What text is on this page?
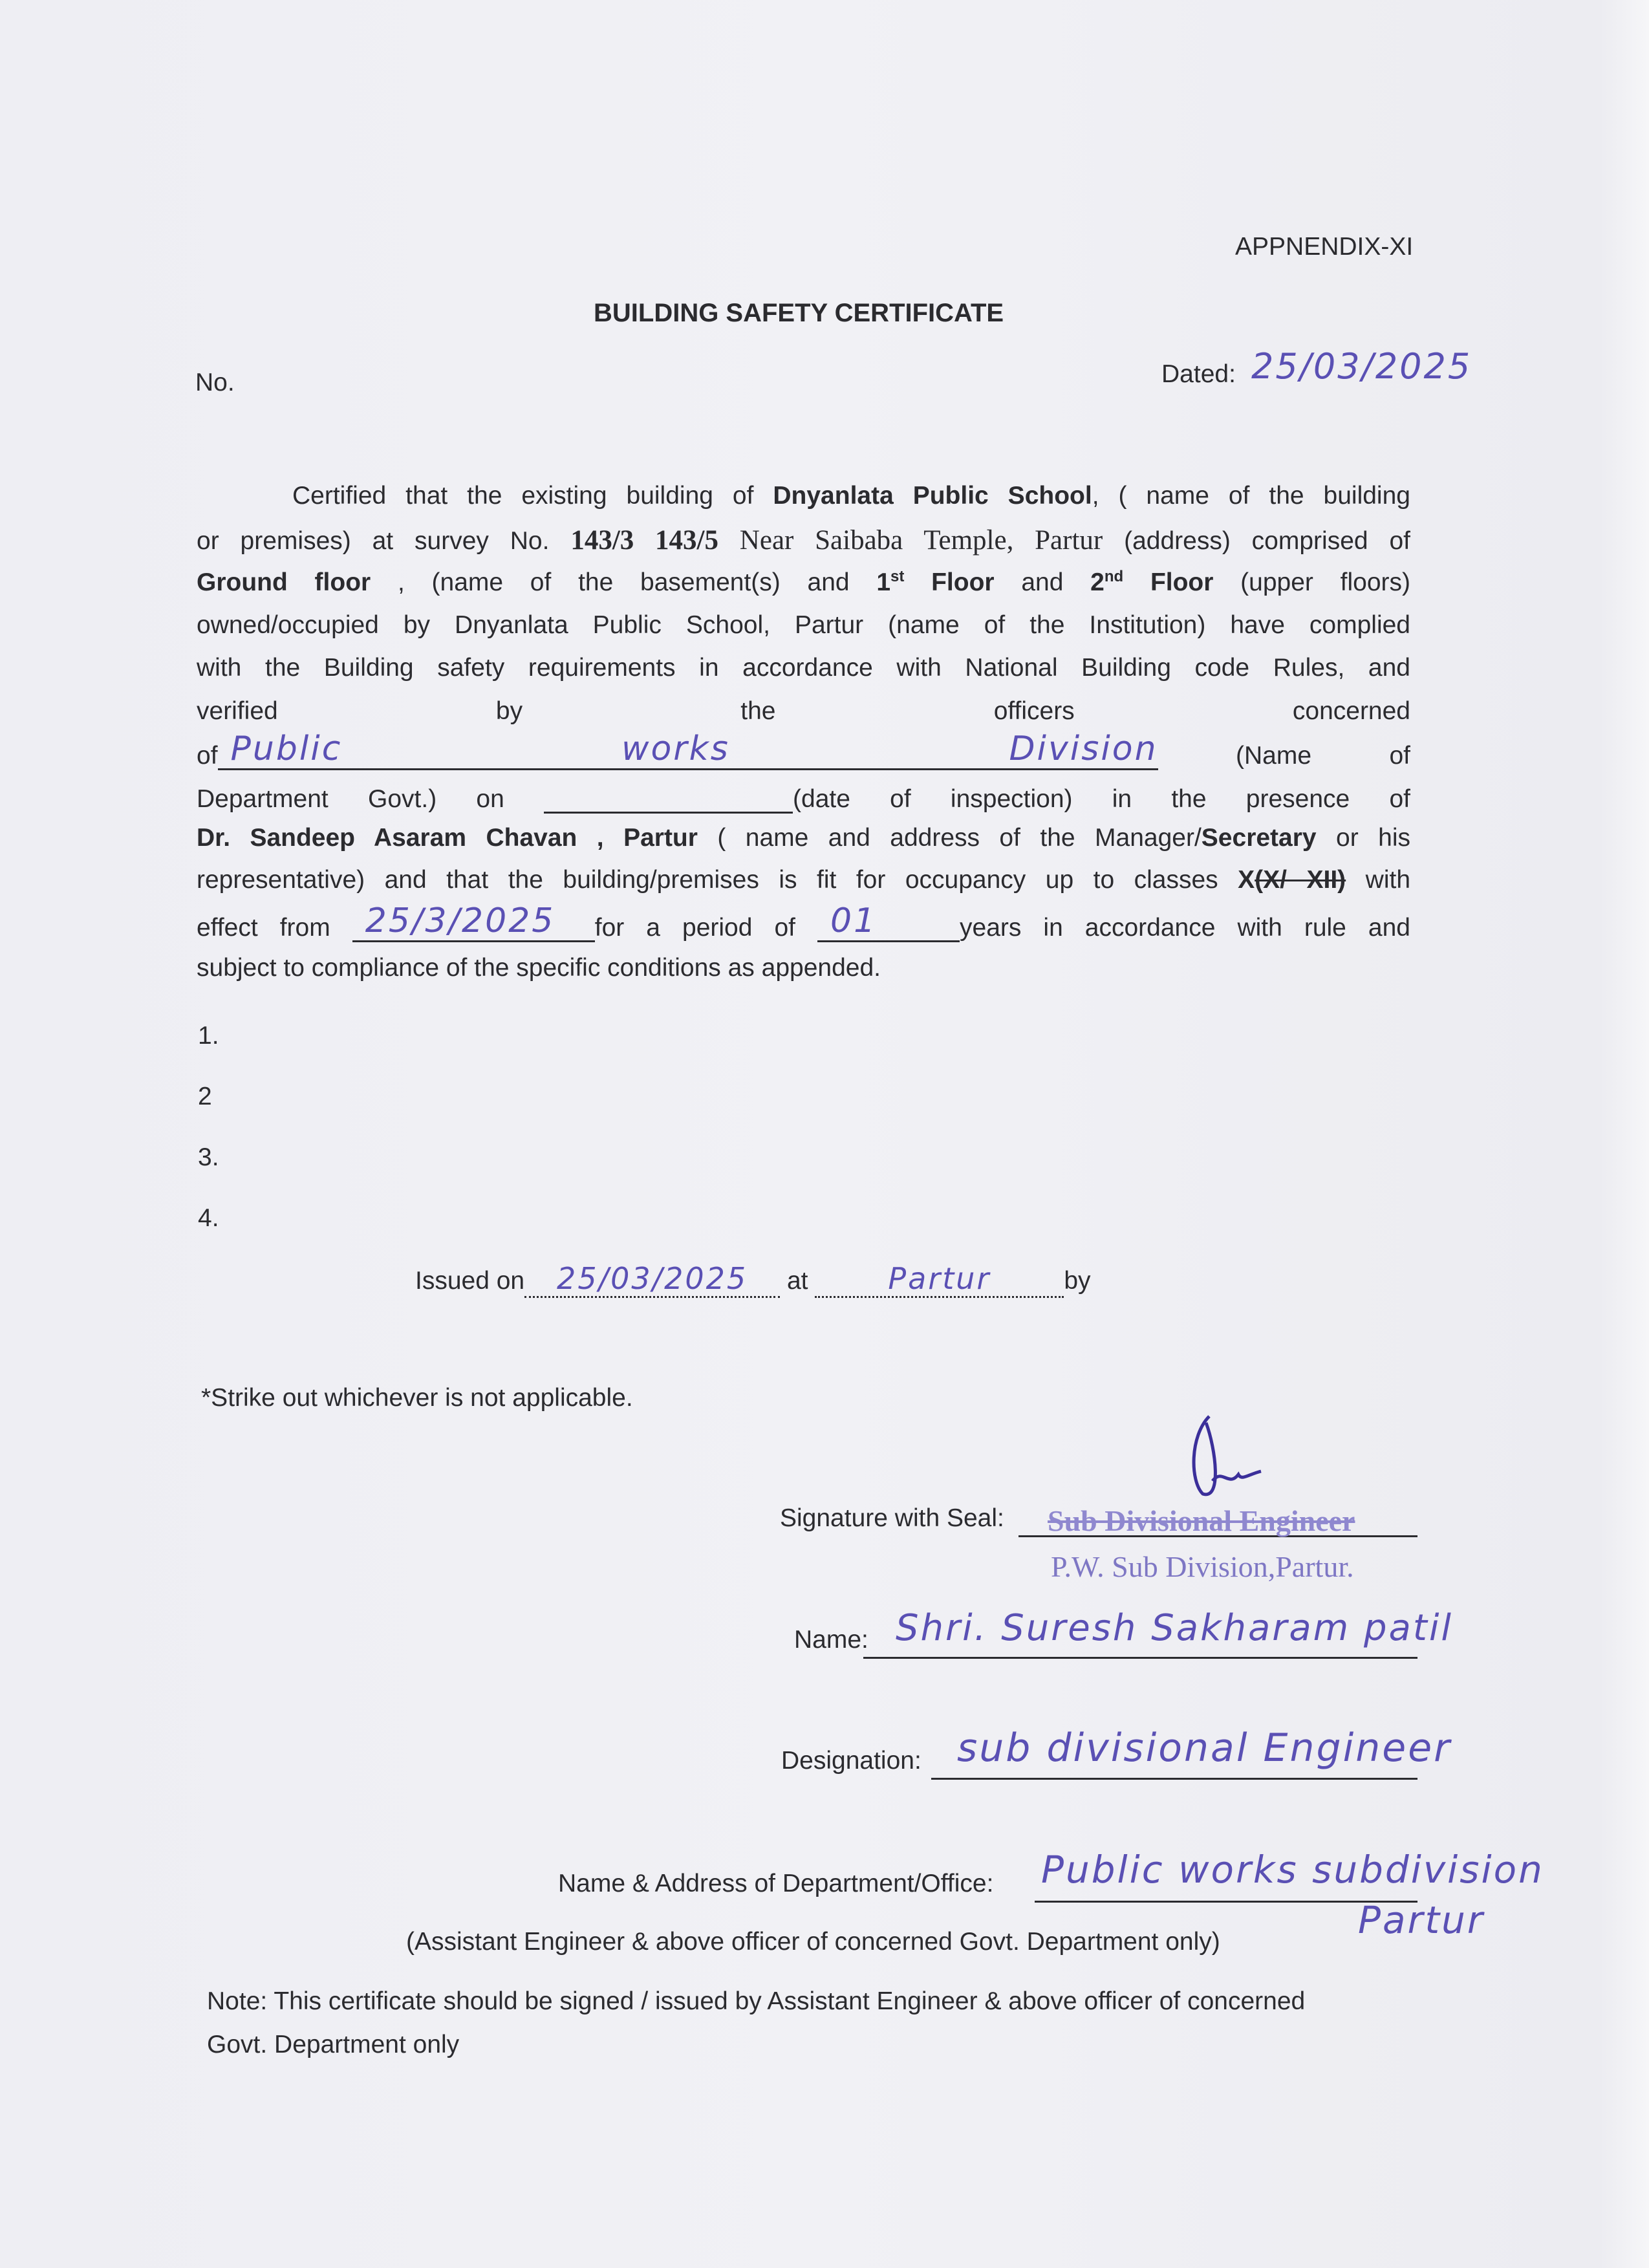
APPNENDIX-XI
BUILDING SAFETY CERTIFICATE
No.	Dated: 25/03/2025
Certified that the existing building of Dnyanlata Public School, ( name of the building
or premises) at survey No. 143/3 143/5 Near Saibaba Temple, Partur (address) comprised of
Ground floor , (name of the basement(s) and 1st Floor and 2nd Floor (upper floors)
owned/occupied by Dnyanlata Public School, Partur (name of the Institution) have complied
with the Building safety requirements in accordance with National Building code Rules, and
verified by the officers concerned
of Public works Division	(Name of
Department Govt.) on	(date of inspection) in the presence of
Dr. Sandeep Asaram Chavan , Partur ( name and address of the Manager/Secretary or his
representative) and that the building/premises is fit for occupancy up to classes X(X/ XII) with
effect from 25/3/2025 for a period of 01	years in accordance with rule and
subject to compliance of the specific conditions as appended.
1.
2
3.
4.
Issued on 25/03/2025 at	Partur	by
*Strike out whichever is not applicable.
Signature with Seal: Sub Divisional Engineer
P.W. Sub Division,Partur.
Name: Shri. Suresh Sakharam patil
Designation: sub divisional Engineer
Name & Address of Department/Office: Public works subdivision
Partur
(Assistant Engineer & above officer of concerned Govt. Department only)
Note: This certificate should be signed / issued by Assistant Engineer & above officer of concerned
Govt. Department only
